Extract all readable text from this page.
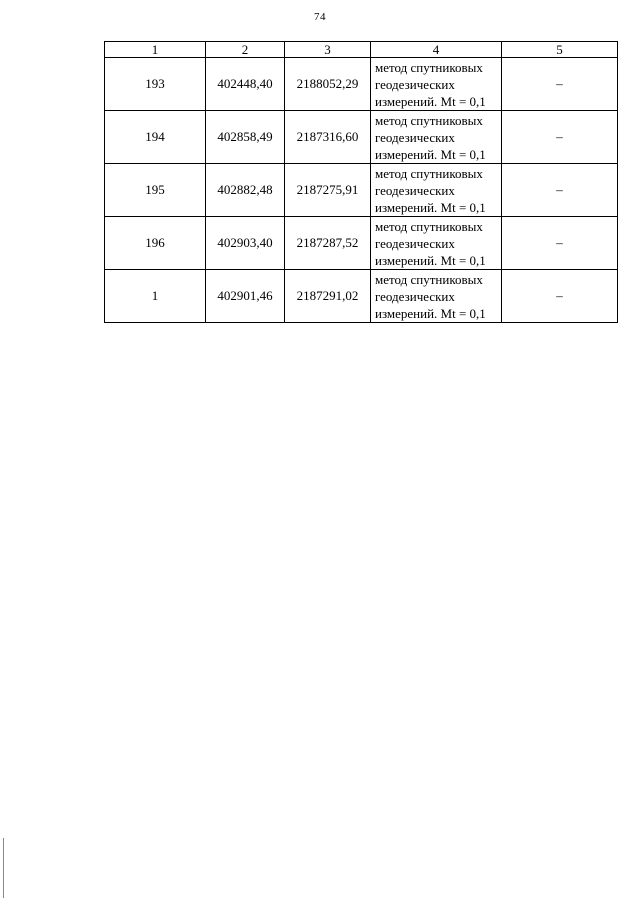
74
1	2	3	4	5
193	402448,40	2188052,29	метод спутниковых
геодезических
измерений. Mt = 0,1	–
194	402858,49	2187316,60	метод спутниковых
геодезических
измерений. Mt = 0,1	–
195	402882,48	2187275,91	метод спутниковых
геодезических
измерений. Mt = 0,1	–
196	402903,40	2187287,52	метод спутниковых
геодезических
измерений. Mt = 0,1	–
1	402901,46	2187291,02	метод спутниковых
геодезических
измерений. Mt = 0,1	–
